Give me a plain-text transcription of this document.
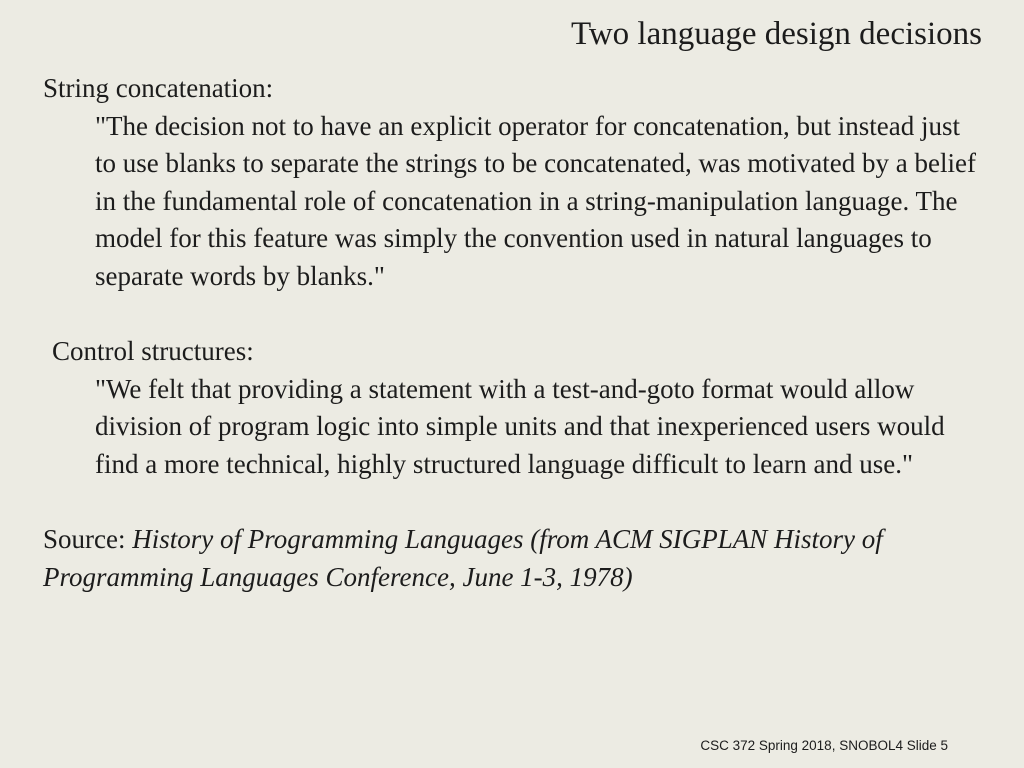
Two language design decisions

String concatenation:

"The decision not to have an explicit operator for concatenation, but instead just to use blanks to separate the strings to be concatenated, was motivated by a belief in the fundamental role of concatenation in a string-manipulation language. The model for this feature was simply the convention used in natural languages to separate words by blanks."

Control structures:

"We felt that providing a statement with a test-and-goto format would allow division of program logic into simple units and that inexperienced users would find a more technical, highly structured language difficult to learn and use."

Source: History of Programming Languages (from ACM SIGPLAN History of Programming Languages Conference, June 1-3, 1978)

CSC 372 Spring 2018, SNOBOL4 Slide 5
